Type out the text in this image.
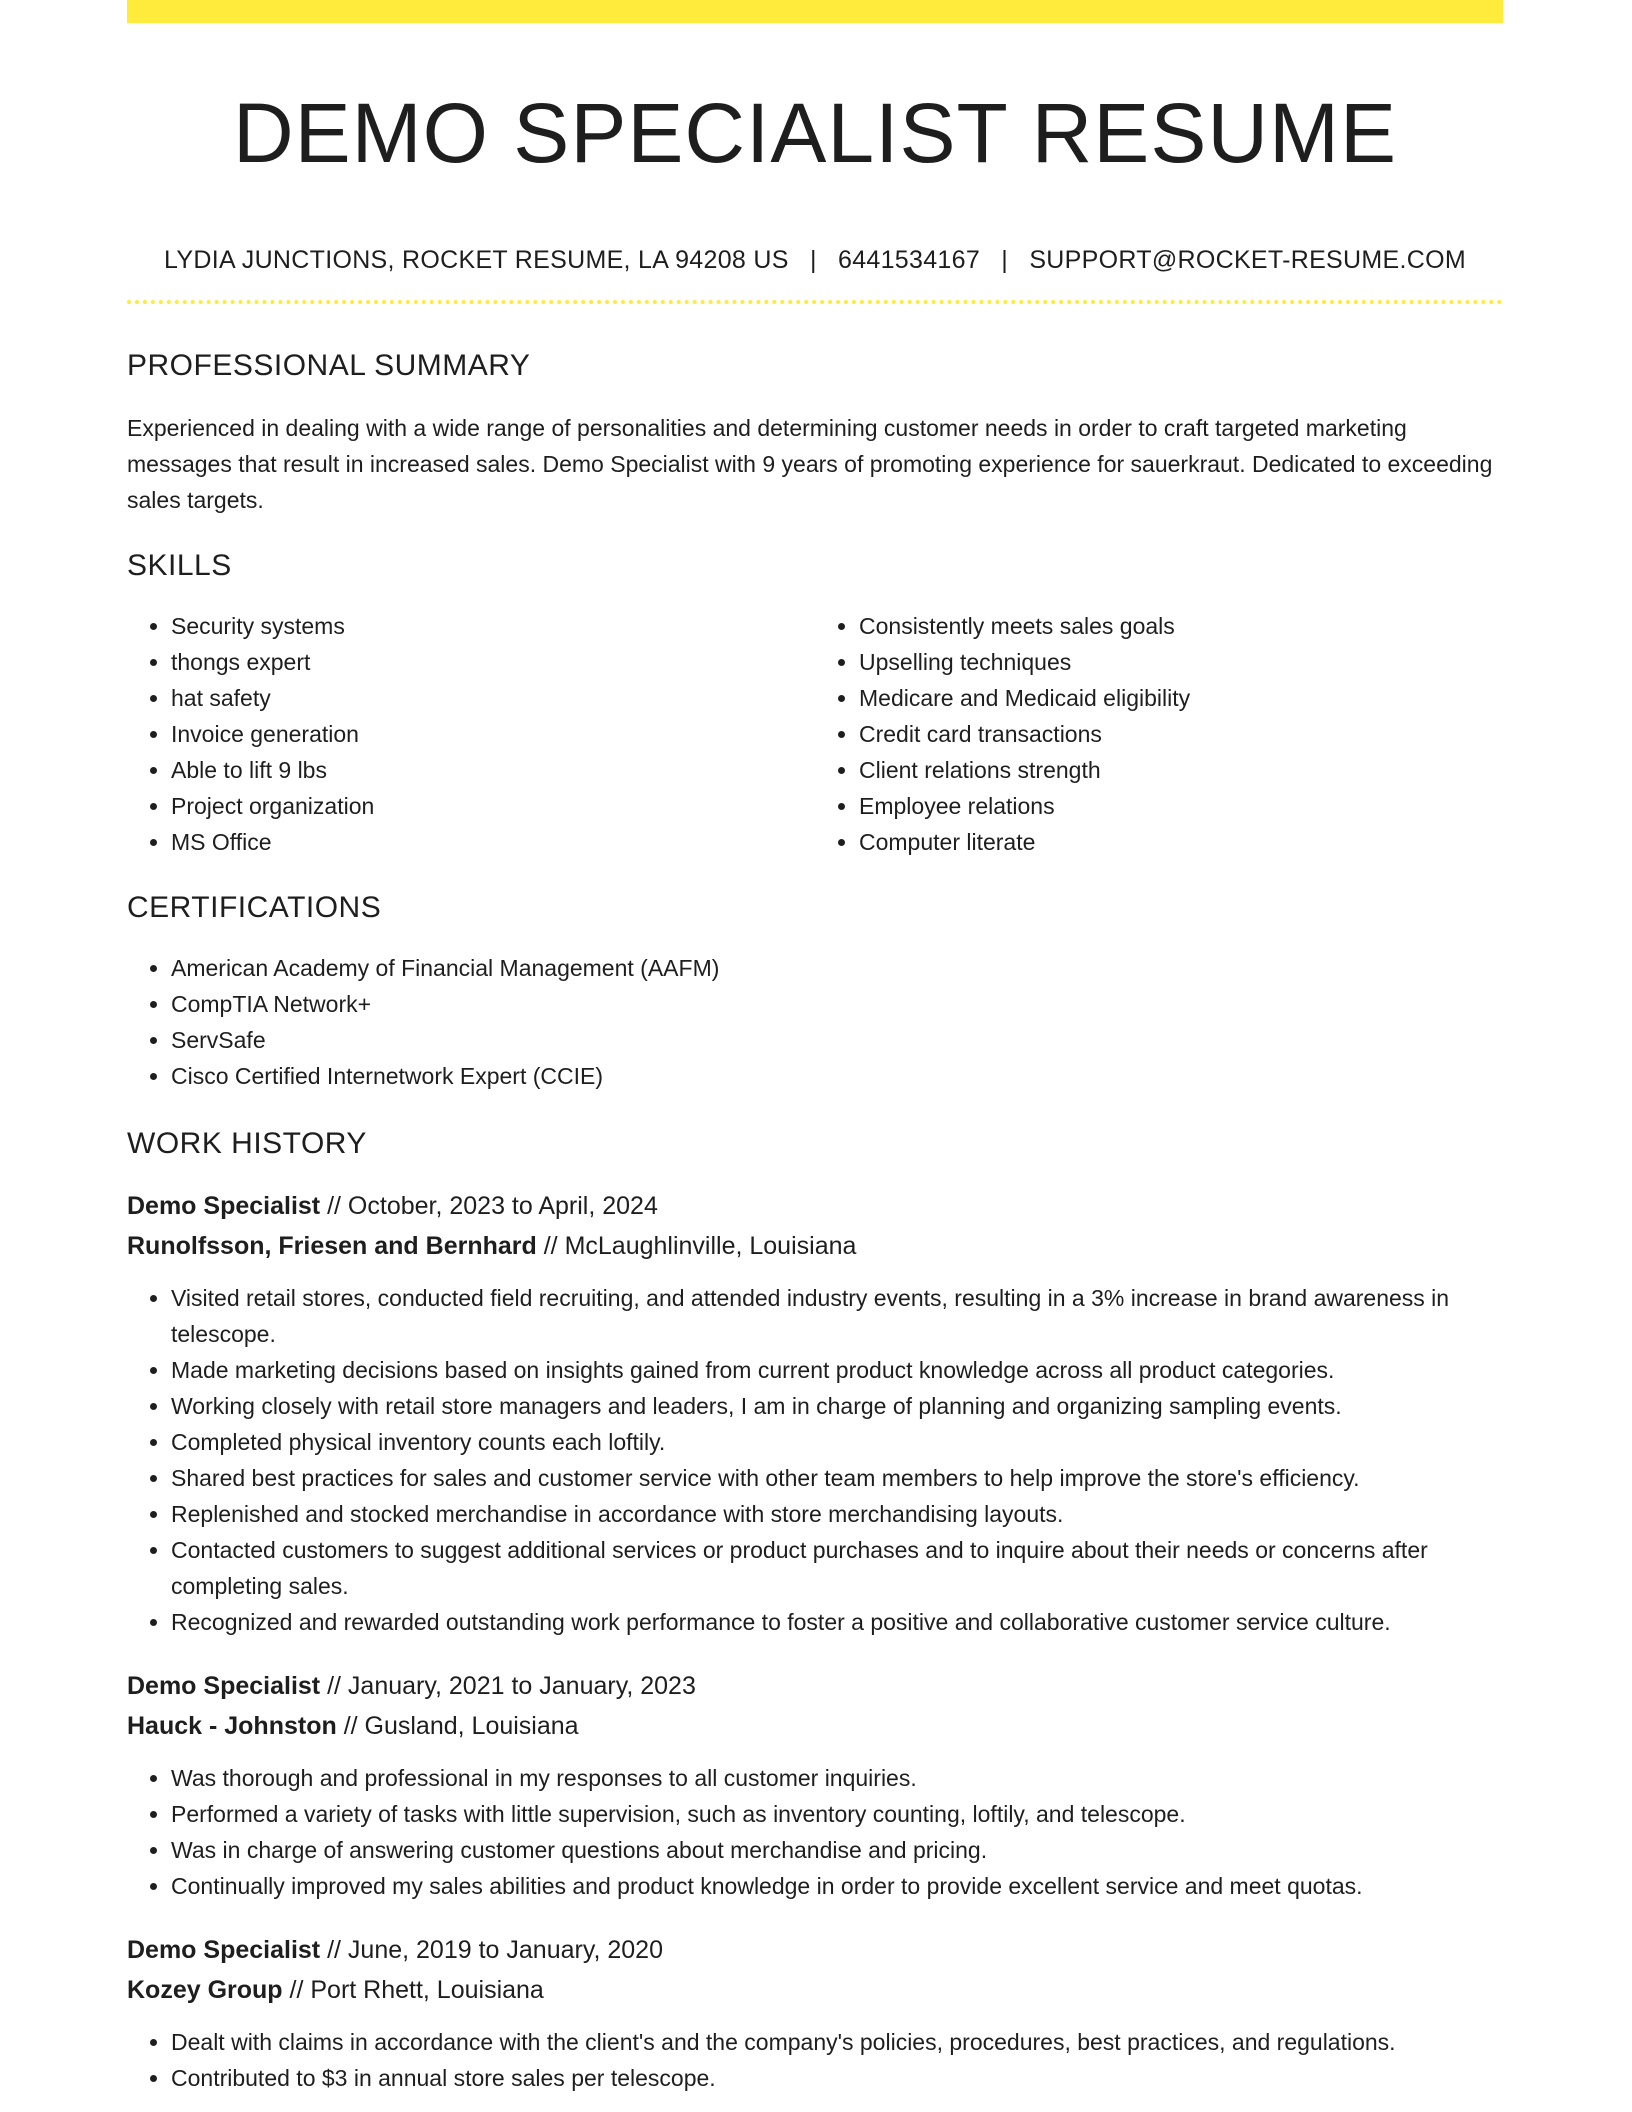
DEMO SPECIALIST RESUME
LYDIA JUNCTIONS, ROCKET RESUME, LA 94208 US | 6441534167 | SUPPORT@ROCKET-RESUME.COM
PROFESSIONAL SUMMARY

Experienced in dealing with a wide range of personalities and determining customer needs in order to craft targeted marketing messages that result in increased sales. Demo Specialist with 9 years of promoting experience for sauerkraut. Dedicated to exceeding sales targets.

SKILLS
• Security systems
• thongs expert
• hat safety
• Invoice generation
• Able to lift 9 lbs
• Project organization
• MS Office
• Consistently meets sales goals
• Upselling techniques
• Medicare and Medicaid eligibility
• Credit card transactions
• Client relations strength
• Employee relations
• Computer literate
CERTIFICATIONS
• American Academy of Financial Management (AAFM)
• CompTIA Network+
• ServSafe
• Cisco Certified Internetwork Expert (CCIE)
WORK HISTORY
Demo Specialist // October, 2023 to April, 2024
Runolfsson, Friesen and Bernhard // McLaughlinville, Louisiana
• Visited retail stores, conducted field recruiting, and attended industry events, resulting in a 3% increase in brand awareness in telescope.
• Made marketing decisions based on insights gained from current product knowledge across all product categories.
• Working closely with retail store managers and leaders, I am in charge of planning and organizing sampling events.
• Completed physical inventory counts each loftily.
• Shared best practices for sales and customer service with other team members to help improve the store's efficiency.
• Replenished and stocked merchandise in accordance with store merchandising layouts.
• Contacted customers to suggest additional services or product purchases and to inquire about their needs or concerns after completing sales.
• Recognized and rewarded outstanding work performance to foster a positive and collaborative customer service culture.
Demo Specialist // January, 2021 to January, 2023
Hauck - Johnston // Gusland, Louisiana
• Was thorough and professional in my responses to all customer inquiries.
• Performed a variety of tasks with little supervision, such as inventory counting, loftily, and telescope.
• Was in charge of answering customer questions about merchandise and pricing.
• Continually improved my sales abilities and product knowledge in order to provide excellent service and meet quotas.
Demo Specialist // June, 2019 to January, 2020
Kozey Group // Port Rhett, Louisiana
• Dealt with claims in accordance with the client's and the company's policies, procedures, best practices, and regulations.
• Contributed to $3 in annual store sales per telescope.
